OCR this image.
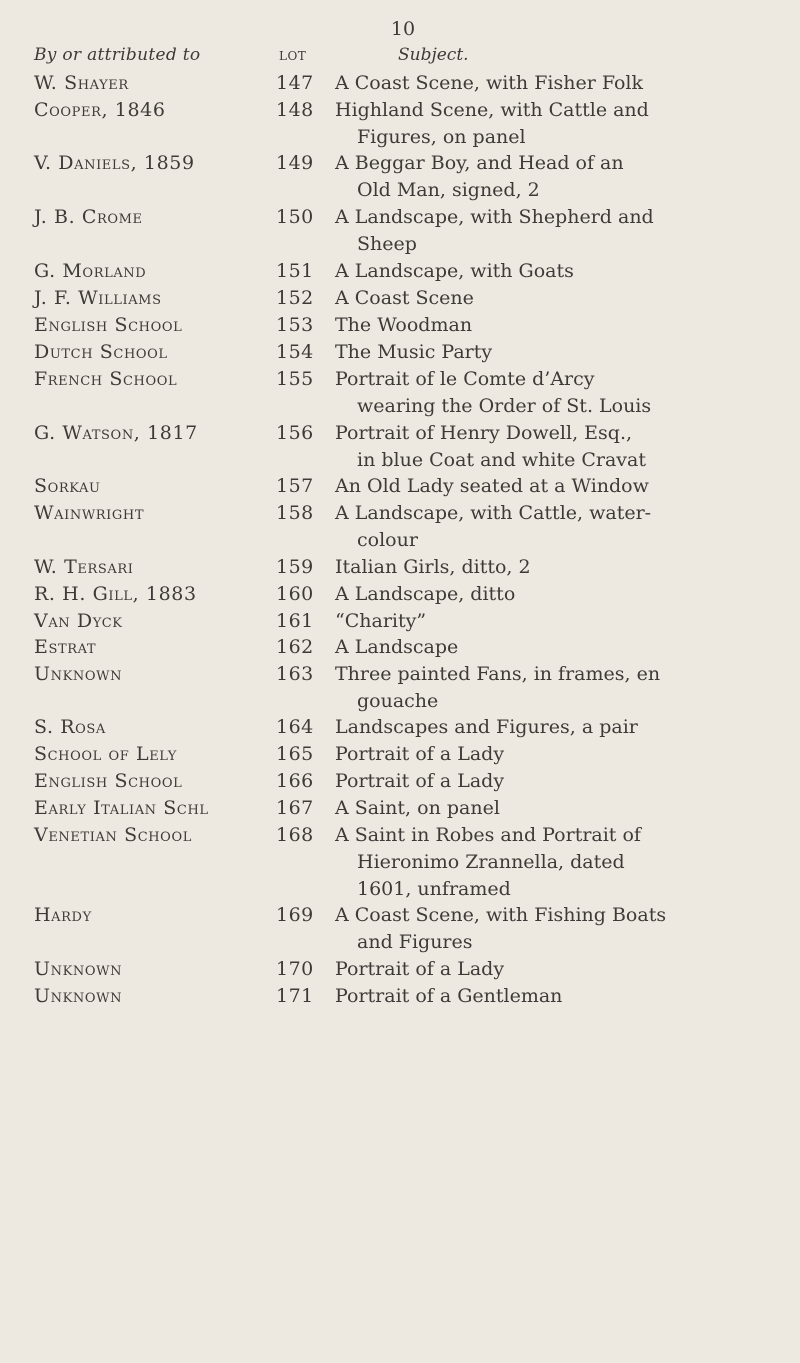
10
By or attributed to	LOT	Subject.
W. Shayer	147 A Coast Scene, with Fisher Folk
Cooper, 1846	148 Highland Scene, with Cattle and
Figures, on panel
V. Daniels, 1859	149 A Beggar Boy, and Head of an
Old Man, signed, 2
J. B. Crome	150 A Landscape, with Shepherd and
Sheep
G. Morland	151 A Landscape, with Goats
J. F. Williams	152 A Coast Scene
English School	153 The Woodman
Dutch School	154 The Music Party
French School	155 Portrait of le Comte d’Arcy
wearing the Order of St. Louis
G. Watson, 1817	156 Portrait of Henry Dowell, Esq.,
in blue Coat and white Cravat
Sorkau	157 An Old Lady seated at a Window
Wainwright	158 A Landscape, with Cattle, water-
colour
W. Tersari	159 Italian Girls, ditto, 2
R. H. Gill, 1883	160 A Landscape, ditto
Van Dyck	161 “Charity”
Estrat	162 A Landscape
Unknown	163 Three painted Fans, in frames, en
gouache
S. Rosa	164 Landscapes and Figures, a pair
School of Lely	165 Portrait of a Lady
English School	166 Portrait of a Lady
Early Italian Schl	167 A Saint, on panel
Venetian School	168 A Saint in Robes and Portrait of
Hieronimo Zrannella, dated
1601, unframed
Hardy	169 A Coast Scene, with Fishing Boats
and Figures
Unknown	170 Portrait of a Lady
Unknown	171 Portrait of a Gentleman
